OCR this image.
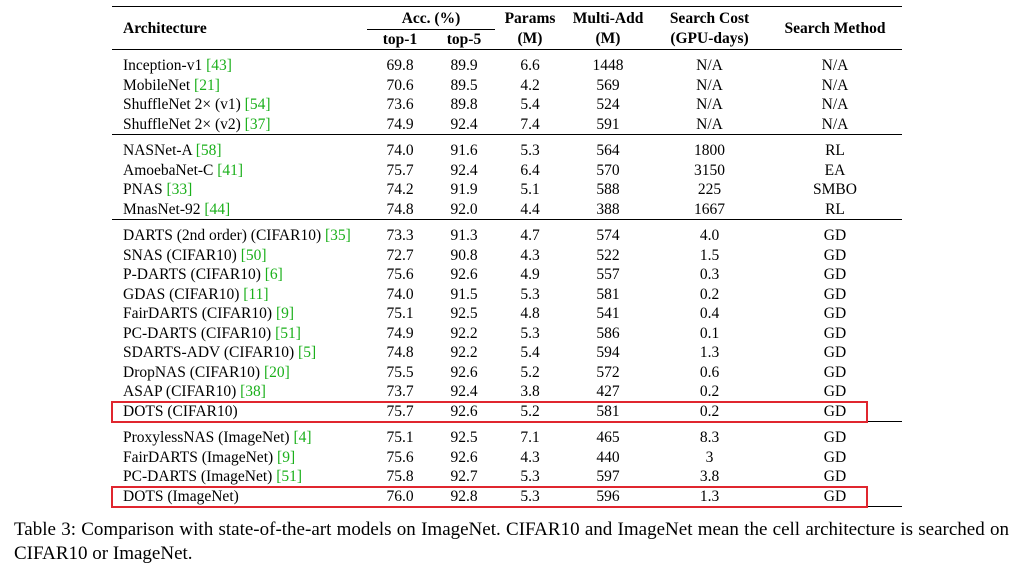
Architecture	Acc. (%)		Params	Multi-Add	Search Cost	Search Method
	top-1	top-5	(M)	(M)	(GPU-days)	

Inception-v1 [43]	69.8	89.9	6.6	1448	N/A	N/A
MobileNet [21]	70.6	89.5	4.2	569	N/A	N/A
ShuffleNet 2× (v1) [54]	73.6	89.8	5.4	524	N/A	N/A
ShuffleNet 2× (v2) [37]	74.9	92.4	7.4	591	N/A	N/A

NASNet-A [58]	74.0	91.6	5.3	564	1800	RL
AmoebaNet-C [41]	75.7	92.4	6.4	570	3150	EA
PNAS [33]	74.2	91.9	5.1	588	225	SMBO
MnasNet-92 [44]	74.8	92.0	4.4	388	1667	RL

DARTS (2nd order) (CIFAR10) [35]	73.3	91.3	4.7	574	4.0	GD
SNAS (CIFAR10) [50]	72.7	90.8	4.3	522	1.5	GD
P-DARTS (CIFAR10) [6]	75.6	92.6	4.9	557	0.3	GD
GDAS (CIFAR10) [11]	74.0	91.5	5.3	581	0.2	GD
FairDARTS (CIFAR10) [9]	75.1	92.5	4.8	541	0.4	GD
PC-DARTS (CIFAR10) [51]	74.9	92.2	5.3	586	0.1	GD
SDARTS-ADV (CIFAR10) [5]	74.8	92.2	5.4	594	1.3	GD
DropNAS (CIFAR10) [20]	75.5	92.6	5.2	572	0.6	GD
ASAP (CIFAR10) [38]	73.7	92.4	3.8	427	0.2	GD
DOTS (CIFAR10)	75.7	92.6	5.2	581	0.2	GD

ProxylessNAS (ImageNet) [4]	75.1	92.5	7.1	465	8.3	GD
FairDARTS (ImageNet) [9]	75.6	92.6	4.3	440	3	GD
PC-DARTS (ImageNet) [51]	75.8	92.7	5.3	597	3.8	GD
DOTS (ImageNet)	76.0	92.8	5.3	596	1.3	GD

Table 3: Comparison with state-of-the-art models on ImageNet. CIFAR10 and ImageNet mean the cell architecture is searched on CIFAR10 or ImageNet.
